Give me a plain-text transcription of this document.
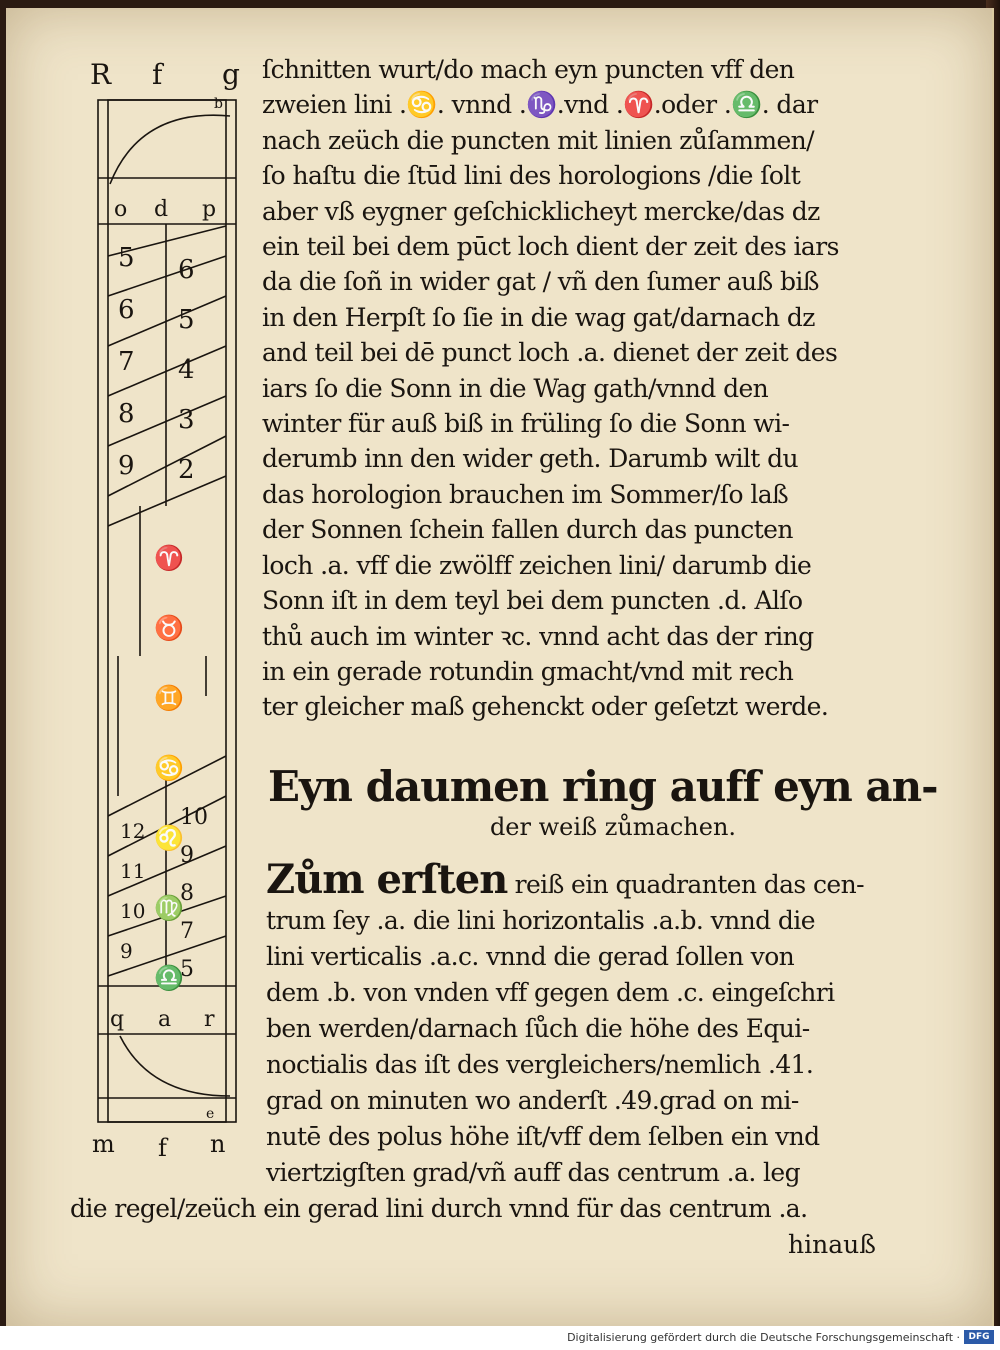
R f g
o d p
q a r
m f n
b
e
5
6
7
8
9
6
5
4
3
2
12
11
10
9
10
9
8
7
5
♈
♉
♊
♋
♌
♍
♎
ſchnitten wurt/do mach eyn puncten vff den
zweien lini .♋. vnnd .♑.vnd .♈.oder .♎. dar
nach zeüch die puncten mit linien zůſammen/
ſo haſtu die ſtūd lini des horologions /die ſolt
aber vß eygner geſchicklicheyt mercke/das dz
ein teil bei dem pūct loch dient der zeit des iars
da die ſoñ in wider gat / vñ den ſumer auß biß
in den Herpſt ſo ſie in die wag gat/darnach dz
and teil bei dē punct loch .a. dienet der zeit des
iars ſo die Sonn in die Wag gath/vnnd den
winter für auß biß in früling ſo die Sonn wi-
derumb inn den wider geth. Darumb wilt du
das horologion brauchen im Sommer/ſo laß
der Sonnen ſchein fallen durch das puncten
loch .a. vff die zwölff zeichen lini/ darumb die
Sonn iſt in dem teyl bei dem puncten .d. Alſo
thů auch im winter ꝛc. vnnd acht das der ring
in ein gerade rotundin gmacht/vnd mit rech
ter gleicher maß gehenckt oder geſetzt werde.
Eyn daumen ring auff eyn an-
der weiß zůmachen.
Zům erſten reiß ein quadranten das cen-
trum ſey .a. die lini horizontalis .a.b. vnnd die
lini verticalis .a.c. vnnd die gerad ſollen von
dem .b. von vnden vff gegen dem .c. eingeſchri
ben werden/darnach ſůch die höhe des Equi-
noctialis das iſt des vergleichers/nemlich .41.
grad on minuten wo anderſt .49.grad on mi-
nutē des polus höhe iſt/vff dem ſelben ein vnd
viertzigſten grad/vñ auff das centrum .a. leg
die regel/zeüch ein gerad lini durch vnnd für das centrum .a.
hinauß
Digitalisierung gefördert durch die Deutsche Forschungsgemeinschaft · DFG
